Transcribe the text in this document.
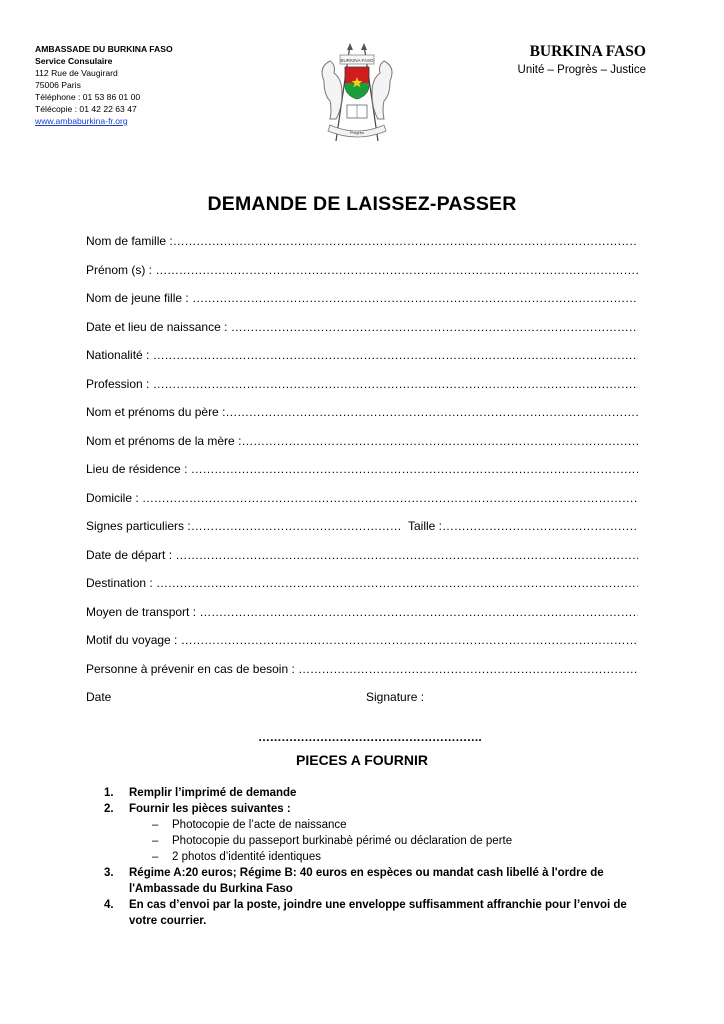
AMBASSADE DU BURKINA FASO
Service Consulaire
112 Rue de Vaugirard
75006 Paris
Téléphone : 01 53 86 01 00
Télécopie : 01 42 22 63 47
www.ambaburkina-fr.org
BURKINA FASO
Progrès
BURKINA FASO
Unité – Progrès – Justice
DEMANDE DE LAISSEZ-PASSER
Nom de famille :
……………………………………………………………………………………………………………………………………………………………………………………………………………………………………
Prénom (s) :

……………………………………………………………………………………………………………………………………………………………………………………………………………………………………
Nom de jeune fille :

……………………………………………………………………………………………………………………………………………………………………………………………………………………………………
Date et lieu de naissance :

……………………………………………………………………………………………………………………………………………………………………………………………………………………………………
Nationalité :

……………………………………………………………………………………………………………………………………………………………………………………………………………………………………
Profession :

……………………………………………………………………………………………………………………………………………………………………………………………………………………………………
Nom et prénoms du père :
……………………………………………………………………………………………………………………………………………………………………………………………………………………………………
Nom et prénoms de la mère :
……………………………………………………………………………………………………………………………………………………………………………………………………………………………………
Lieu de résidence :

……………………………………………………………………………………………………………………………………………………………………………………………………………………………………
Domicile :

……………………………………………………………………………………………………………………………………………………………………………………………………………………………………
Signes particuliers :
……………………………………………………………………………………………………………………………………………………………………………………………………………………………………	Taille :
……………………………………………………………………………………………………………………………………………………………………………………………………………………………………
Date de départ :

……………………………………………………………………………………………………………………………………………………………………………………………………………………………………
Destination :

……………………………………………………………………………………………………………………………………………………………………………………………………………………………………
Moyen de transport :

……………………………………………………………………………………………………………………………………………………………………………………………………………………………………
Motif du voyage :

……………………………………………………………………………………………………………………………………………………………………………………………………………………………………
Personne à prévenir en cas de besoin :

……………………………………………………………………………………………………………………………………………………………………………………………………………………………………
Date	Signature :
………………………………………………….
PIECES A FOURNIR
1.	Remplir l’imprimé de demande
2.	Fournir les pièces suivantes :
–	Photocopie de l’acte de naissance
–	Photocopie du passeport burkinabè périmé ou déclaration de perte
–	2 photos d’identité identiques
3.	Régime A:20 euros; Régime B: 40 euros en espèces ou mandat cash libellé à l'ordre de l'Ambassade du Burkina Faso
4.	En cas d’envoi par la poste, joindre une enveloppe suffisamment affranchie pour l’envoi de votre courrier.
